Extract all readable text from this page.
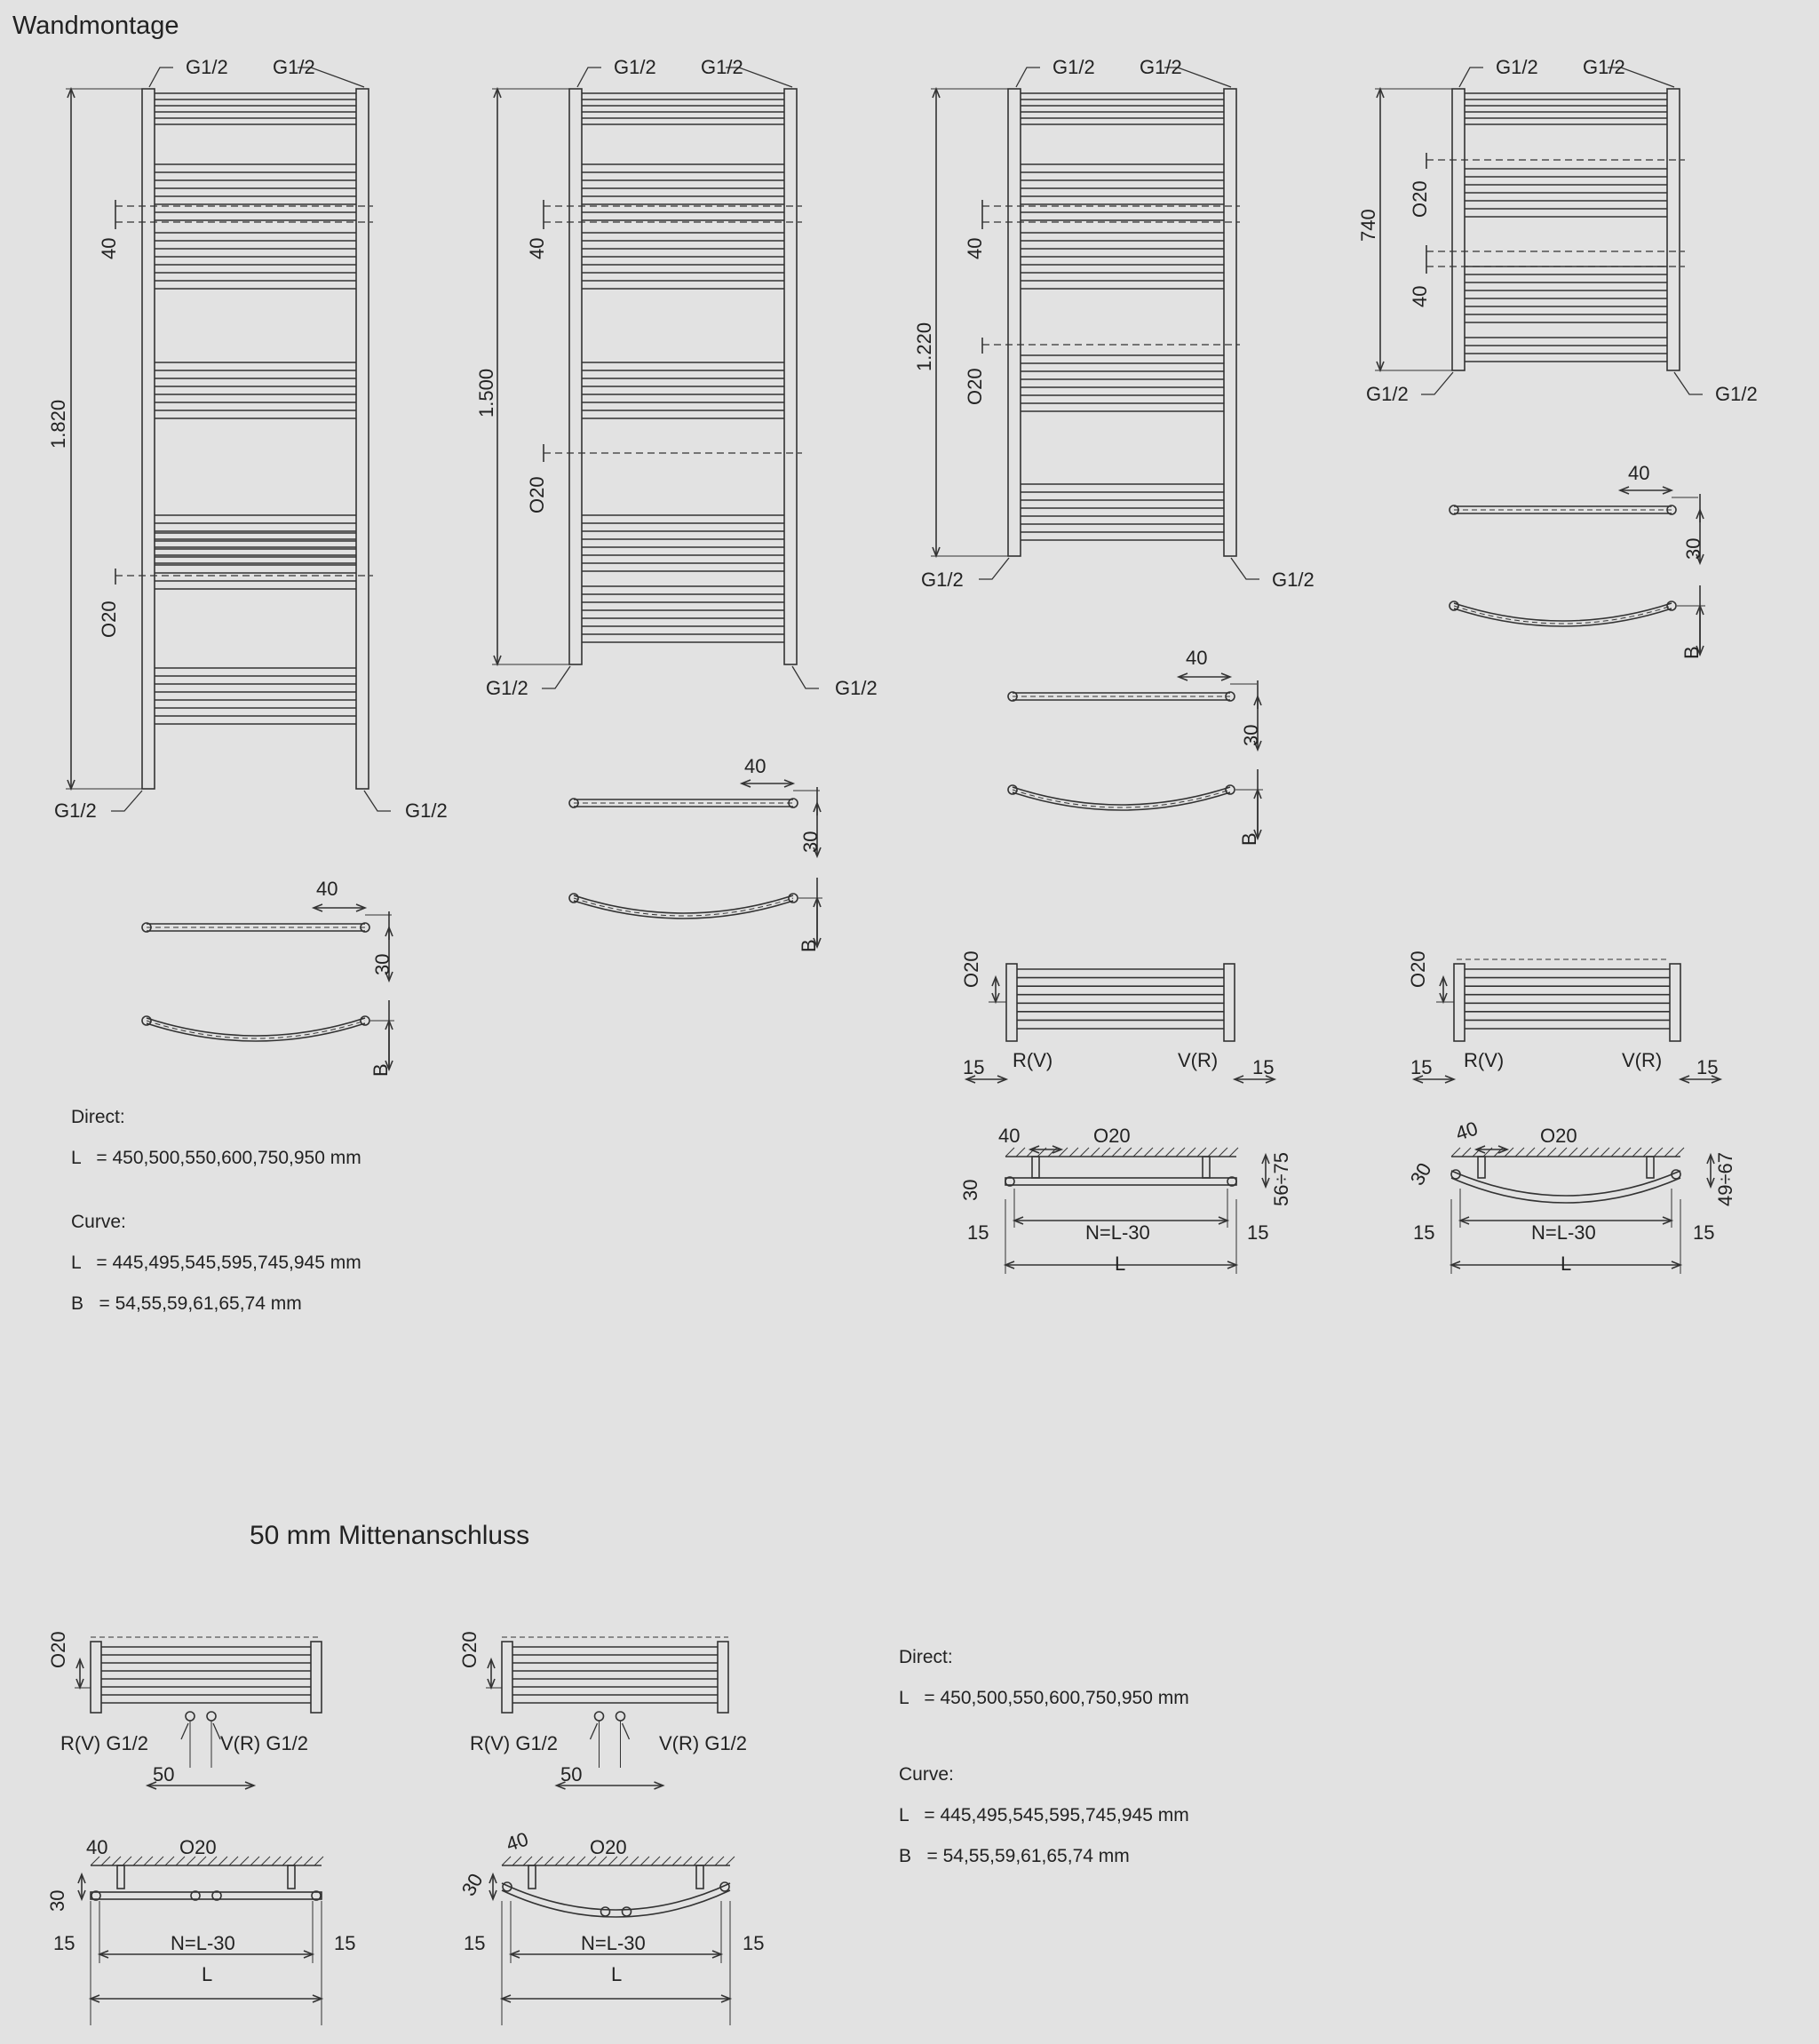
Wandmontage
50 mm Mittenanschluss
G1/2 G1/2
G1/2	G1/2
1.820
40
O20
G1/2 G1/2
G1/2	G1/2
1.500
40
O20
G1/2 G1/2
G1/2	G1/2
1.220
40
O20
G1/2 G1/2
G1/2	G1/2
740
O20
40
40
30
B
40
30
B
40
30
B
40
30
B
Direct:
L   = 450,500,550,600,750,950 mm
Curve:
L   = 445,495,545,595,745,945 mm
B   = 54,55,59,61,65,74 mm
O20
R(V)	V(R)
15	15
O20
R(V)	V(R)
15	15
40	O20
30	56÷75
15	N=L-30	15
L
40	O20
30	49÷67
15	N=L-30	15
L
O20
R(V) G1/2	V(R) G1/2
50
40	O20
30
15	N=L-30	15
L
O20
R(V) G1/2	V(R) G1/2
50
40	O20
30
15	N=L-30	15
L
Direct:
L   = 450,500,550,600,750,950 mm
Curve:
L   = 445,495,545,595,745,945 mm
B   = 54,55,59,61,65,74 mm
